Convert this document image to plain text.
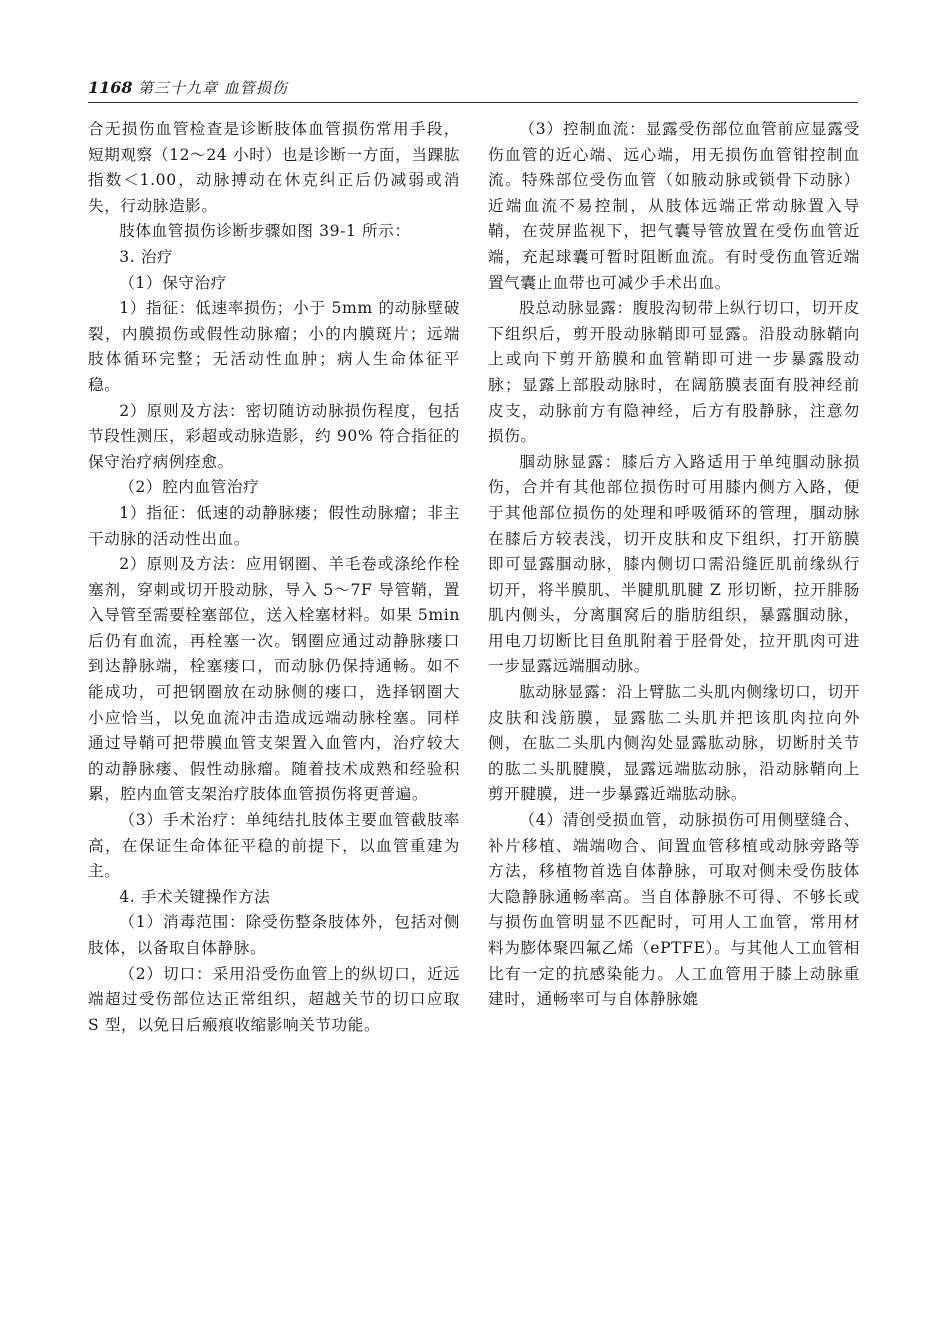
1168 第三十九章 血管损伤

合无损伤血管检查是诊断肢体血管损伤常用手段，短期观察（12～24 小时）也是诊断一方面，当踝肱指数＜1.00，动脉搏动在休克纠正后仍减弱或消失，行动脉造影。

肢体血管损伤诊断步骤如图 39-1 所示：

3. 治疗

（1）保守治疗

1）指征：低速率损伤；小于 5mm 的动脉壁破裂，内膜损伤或假性动脉瘤；小的内膜斑片；远端肢体循环完整；无活动性血肿；病人生命体征平稳。

2）原则及方法：密切随访动脉损伤程度，包括节段性测压，彩超或动脉造影，约 90% 符合指征的保守治疗病例痊愈。

（2）腔内血管治疗

1）指征：低速的动静脉瘘；假性动脉瘤；非主干动脉的活动性出血。

2）原则及方法：应用钢圈、羊毛卷或涤纶作栓塞剂，穿刺或切开股动脉，导入 5～7F 导管鞘，置入导管至需要栓塞部位，送入栓塞材料。如果 5min 后仍有血流，再栓塞一次。钢圈应通过动静脉瘘口到达静脉端，栓塞瘘口，而动脉仍保持通畅。如不能成功，可把钢圈放在动脉侧的瘘口，选择钢圈大小应恰当，以免血流冲击造成远端动脉栓塞。同样通过导鞘可把带膜血管支架置入血管内，治疗较大的动静脉瘘、假性动脉瘤。随着技术成熟和经验积累，腔内血管支架治疗肢体血管损伤将更普遍。

（3）手术治疗：单纯结扎肢体主要血管截肢率高，在保证生命体征平稳的前提下，以血管重建为主。

4. 手术关键操作方法

（1）消毒范围：除受伤整条肢体外，包括对侧肢体，以备取自体静脉。

（2）切口：采用沿受伤血管上的纵切口，近远端超过受伤部位达正常组织，超越关节的切口应取 S 型，以免日后瘢痕收缩影响关节功能。

（3）控制血流：显露受伤部位血管前应显露受伤血管的近心端、远心端，用无损伤血管钳控制血流。特殊部位受伤血管（如腋动脉或锁骨下动脉）近端血流不易控制，从肢体远端正常动脉置入导鞘，在荧屏监视下，把气囊导管放置在受伤血管近端，充起球囊可暂时阻断血流。有时受伤血管近端置气囊止血带也可减少手术出血。

股总动脉显露：腹股沟韧带上纵行切口，切开皮下组织后，剪开股动脉鞘即可显露。沿股动脉鞘向上或向下剪开筋膜和血管鞘即可进一步暴露股动脉；显露上部股动脉时，在阔筋膜表面有股神经前皮支，动脉前方有隐神经，后方有股静脉，注意勿损伤。

腘动脉显露：膝后方入路适用于单纯腘动脉损伤，合并有其他部位损伤时可用膝内侧方入路，便于其他部位损伤的处理和呼吸循环的管理，腘动脉在膝后方较表浅，切开皮肤和皮下组织，打开筋膜即可显露腘动脉，膝内侧切口需沿缝匠肌前缘纵行切开，将半膜肌、半腱肌肌腱 Z 形切断，拉开腓肠肌内侧头，分离腘窝后的脂肪组织，暴露腘动脉，用电刀切断比目鱼肌附着于胫骨处，拉开肌肉可进一步显露远端腘动脉。

肱动脉显露：沿上臂肱二头肌内侧缘切口，切开皮肤和浅筋膜，显露肱二头肌并把该肌肉拉向外侧，在肱二头肌内侧沟处显露肱动脉，切断肘关节的肱二头肌腱膜，显露远端肱动脉，沿动脉鞘向上剪开腱膜，进一步暴露近端肱动脉。

（4）清创受损血管，动脉损伤可用侧壁缝合、补片移植、端端吻合、间置血管移植或动脉旁路等方法，移植物首选自体静脉，可取对侧未受伤肢体大隐静脉通畅率高。当自体静脉不可得、不够长或与损伤血管明显不匹配时，可用人工血管，常用材料为膨体聚四氟乙烯（ePTFE）。与其他人工血管相比有一定的抗感染能力。人工血管用于膝上动脉重建时，通畅率可与自体静脉媲
